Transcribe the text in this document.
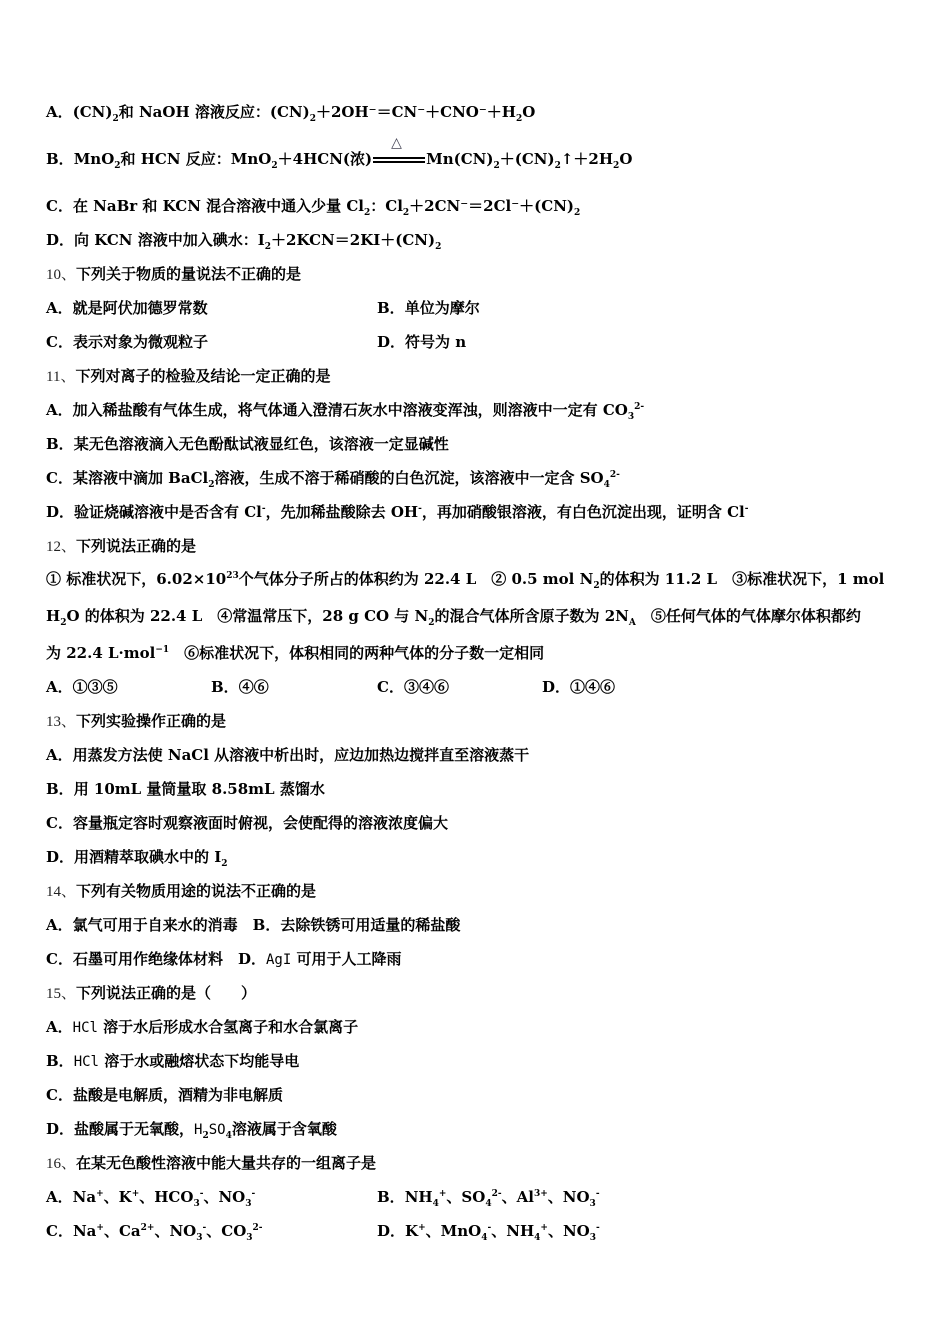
A．$(CN)_2$和 NaOH 溶液反应：$(CN)_2+2OH^-=CN^-+CNO^-+H_2O$
B．MnO$_2$和 HCN 反应：MnO$_2$＋4HCN(浓)
△
$Mn(CN)_2+(CN)_2↑+2H_2O$
C．在 NaBr 和 KCN 混合溶液中通入少量 $Cl_2$：$Cl_2+2CN^-=2Cl^-+(CN)_2$
D．向 KCN 溶液中加入碘水：$I_2+2KCN=2KI+(CN)_2$
10、下列关于物质的量说法不正确的是
A．就是阿伏加德罗常数	B．单位为摩尔
C．表示对象为微观粒子	D．符号为 n
11、下列对离子的检验及结论一定正确的是
A．加入稀盐酸有气体生成，将气体通入澄清石灰水中溶液变浑浊，则溶液中一定有 $CO_3^{2-}$
B．某无色溶液滴入无色酚酞试液显红色，该溶液一定显碱性
C．某溶液中滴加 BaCl$_2$溶液，生成不溶于稀硝酸的白色沉淀，该溶液中一定含 $SO_4^{2-}$
D．验证烧碱溶液中是否含有 Cl-，先加稀盐酸除去 OH-，再加硝酸银溶液，有白色沉淀出现，证明含 Cl-
12、下列说法正确的是
① 标准状况下，$6.02\times 10^{23}$个气体分子所占的体积约为 22.4 L　② 0.5 mol $N_2$的体积为 11.2 L　③标准状况下，1 mol
$H_2O$ 的体积为 22.4 L　④常温常压下，28 g CO 与 $N_2$的混合气体所含原子数为 $2N_A$　⑤任何气体的气体摩尔体积都约
为 22.4 L·mol$^{-1}$　⑥标准状况下，体积相同的两种气体的分子数一定相同
A．①③⑤	B．④⑥	C．③④⑥	D．①④⑥
13、下列实验操作正确的是
A．用蒸发方法使 NaCl 从溶液中析出时，应边加热边搅拌直至溶液蒸干
B．用 10mL 量筒量取 8.58mL 蒸馏水
C．容量瓶定容时观察液面时俯视，会使配得的溶液浓度偏大
D．用酒精萃取碘水中的 $I_2$
14、下列有关物质用途的说法不正确的是
A．氯气可用于自来水的消毒　 B．去除铁锈可用适量的稀盐酸
C．石墨可用作绝缘体材料　 D．AgI 可用于人工降雨
15、下列说法正确的是（　　）
A．HCl 溶于水后形成水合氢离子和水合氯离子
B．HCl 溶于水或融熔状态下均能导电
C．盐酸是电解质，酒精为非电解质
D．盐酸属于无氧酸，$H_2SO_4$溶液属于含氧酸
16、在某无色酸性溶液中能大量共存的一组离子是
A．Na+、K+、$HCO_3^-$、$NO_3^-$	B．$NH_4^+$、$SO_4^{2-}$、$Al^{3+}$、$NO_3^-$
C．Na+、$Ca^{2+}$、$NO_3^-$、$CO_3^{2-}$	D．K+、MnO$_4$-、$NH_4^+$、$NO_3^-$
